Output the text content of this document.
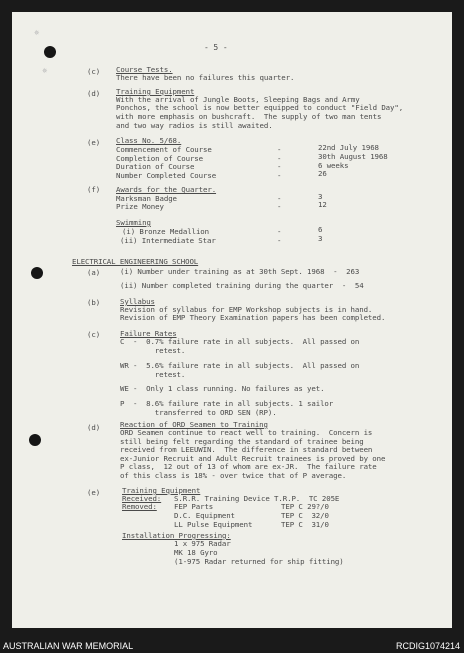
✵
✵
- 5 -
(c) Course Tests.
There have been no failures this quarter.
(d) Training Equipment
With the arrival of Jungle Boots, Sleeping Bags and Army
Ponchos, the school is now better equipped to conduct "Field Day",
with more emphasis on bushcraft.  The supply of two man tents
and two way radios is still awaited.
(e) Class No. 5/68.
Commencement of Course	-	22nd July 1968
Completion of Course	-	30th August 1968
Duration of Course	-	6 weeks
Number Completed Course	-	26
(f) Awards for the Quarter.
Marksman Badge	-	3
Prize Money	-	12
Swimming
(i) Bronze Medallion	-	6
(ii) Intermediate Star	-	3
ELECTRICAL ENGINEERING SCHOOL
(a)	(i) Number under training as at 30th Sept. 1968  -  263
(ii) Number completed training during the quarter  -  54
(b)	Syllabus
Revision of syllabus for EMP Workshop subjects is in hand.
Revision of EMP Theory Examination papers has been completed.
(c)	Failure Rates
C  -  0.7% failure rate in all subjects.  All passed on
retest.
WR -  5.6% failure rate in all subjects.  All passed on
retest.
WE -  Only 1 class running. No failures as yet.
P  -  8.6% failure rate in all subjects. 1 sailor
transferred to ORD SEN (RP).
(d)	Reaction of ORD Seamen to Training
ORD Seamen continue to react well to training.  Concern is
still being felt regarding the standard of trainee being
received from LEEUWIN.  The difference in standard between
ex-Junior Recruit and Adult Recruit trainees is proved by one
P class,  12 out of 13 of whom are ex-JR.  The failure rate
of this class is 18% - over twice that of P average.
(e)	Training Equipment
Received: S.R.R. Training Device T.R.P.  TC 205E
Removed: FEP Parts	TEP C 29?/0
D.C. Equipment	TEP C  32/0
LL Pulse Equipment	TEP C  31/0
Installation Progressing:
1 x 975 Radar
MK 18 Gyro
(1-975 Radar returned for ship fitting)
AUSTRALIAN WAR MEMORIAL	RCDIG1074214
